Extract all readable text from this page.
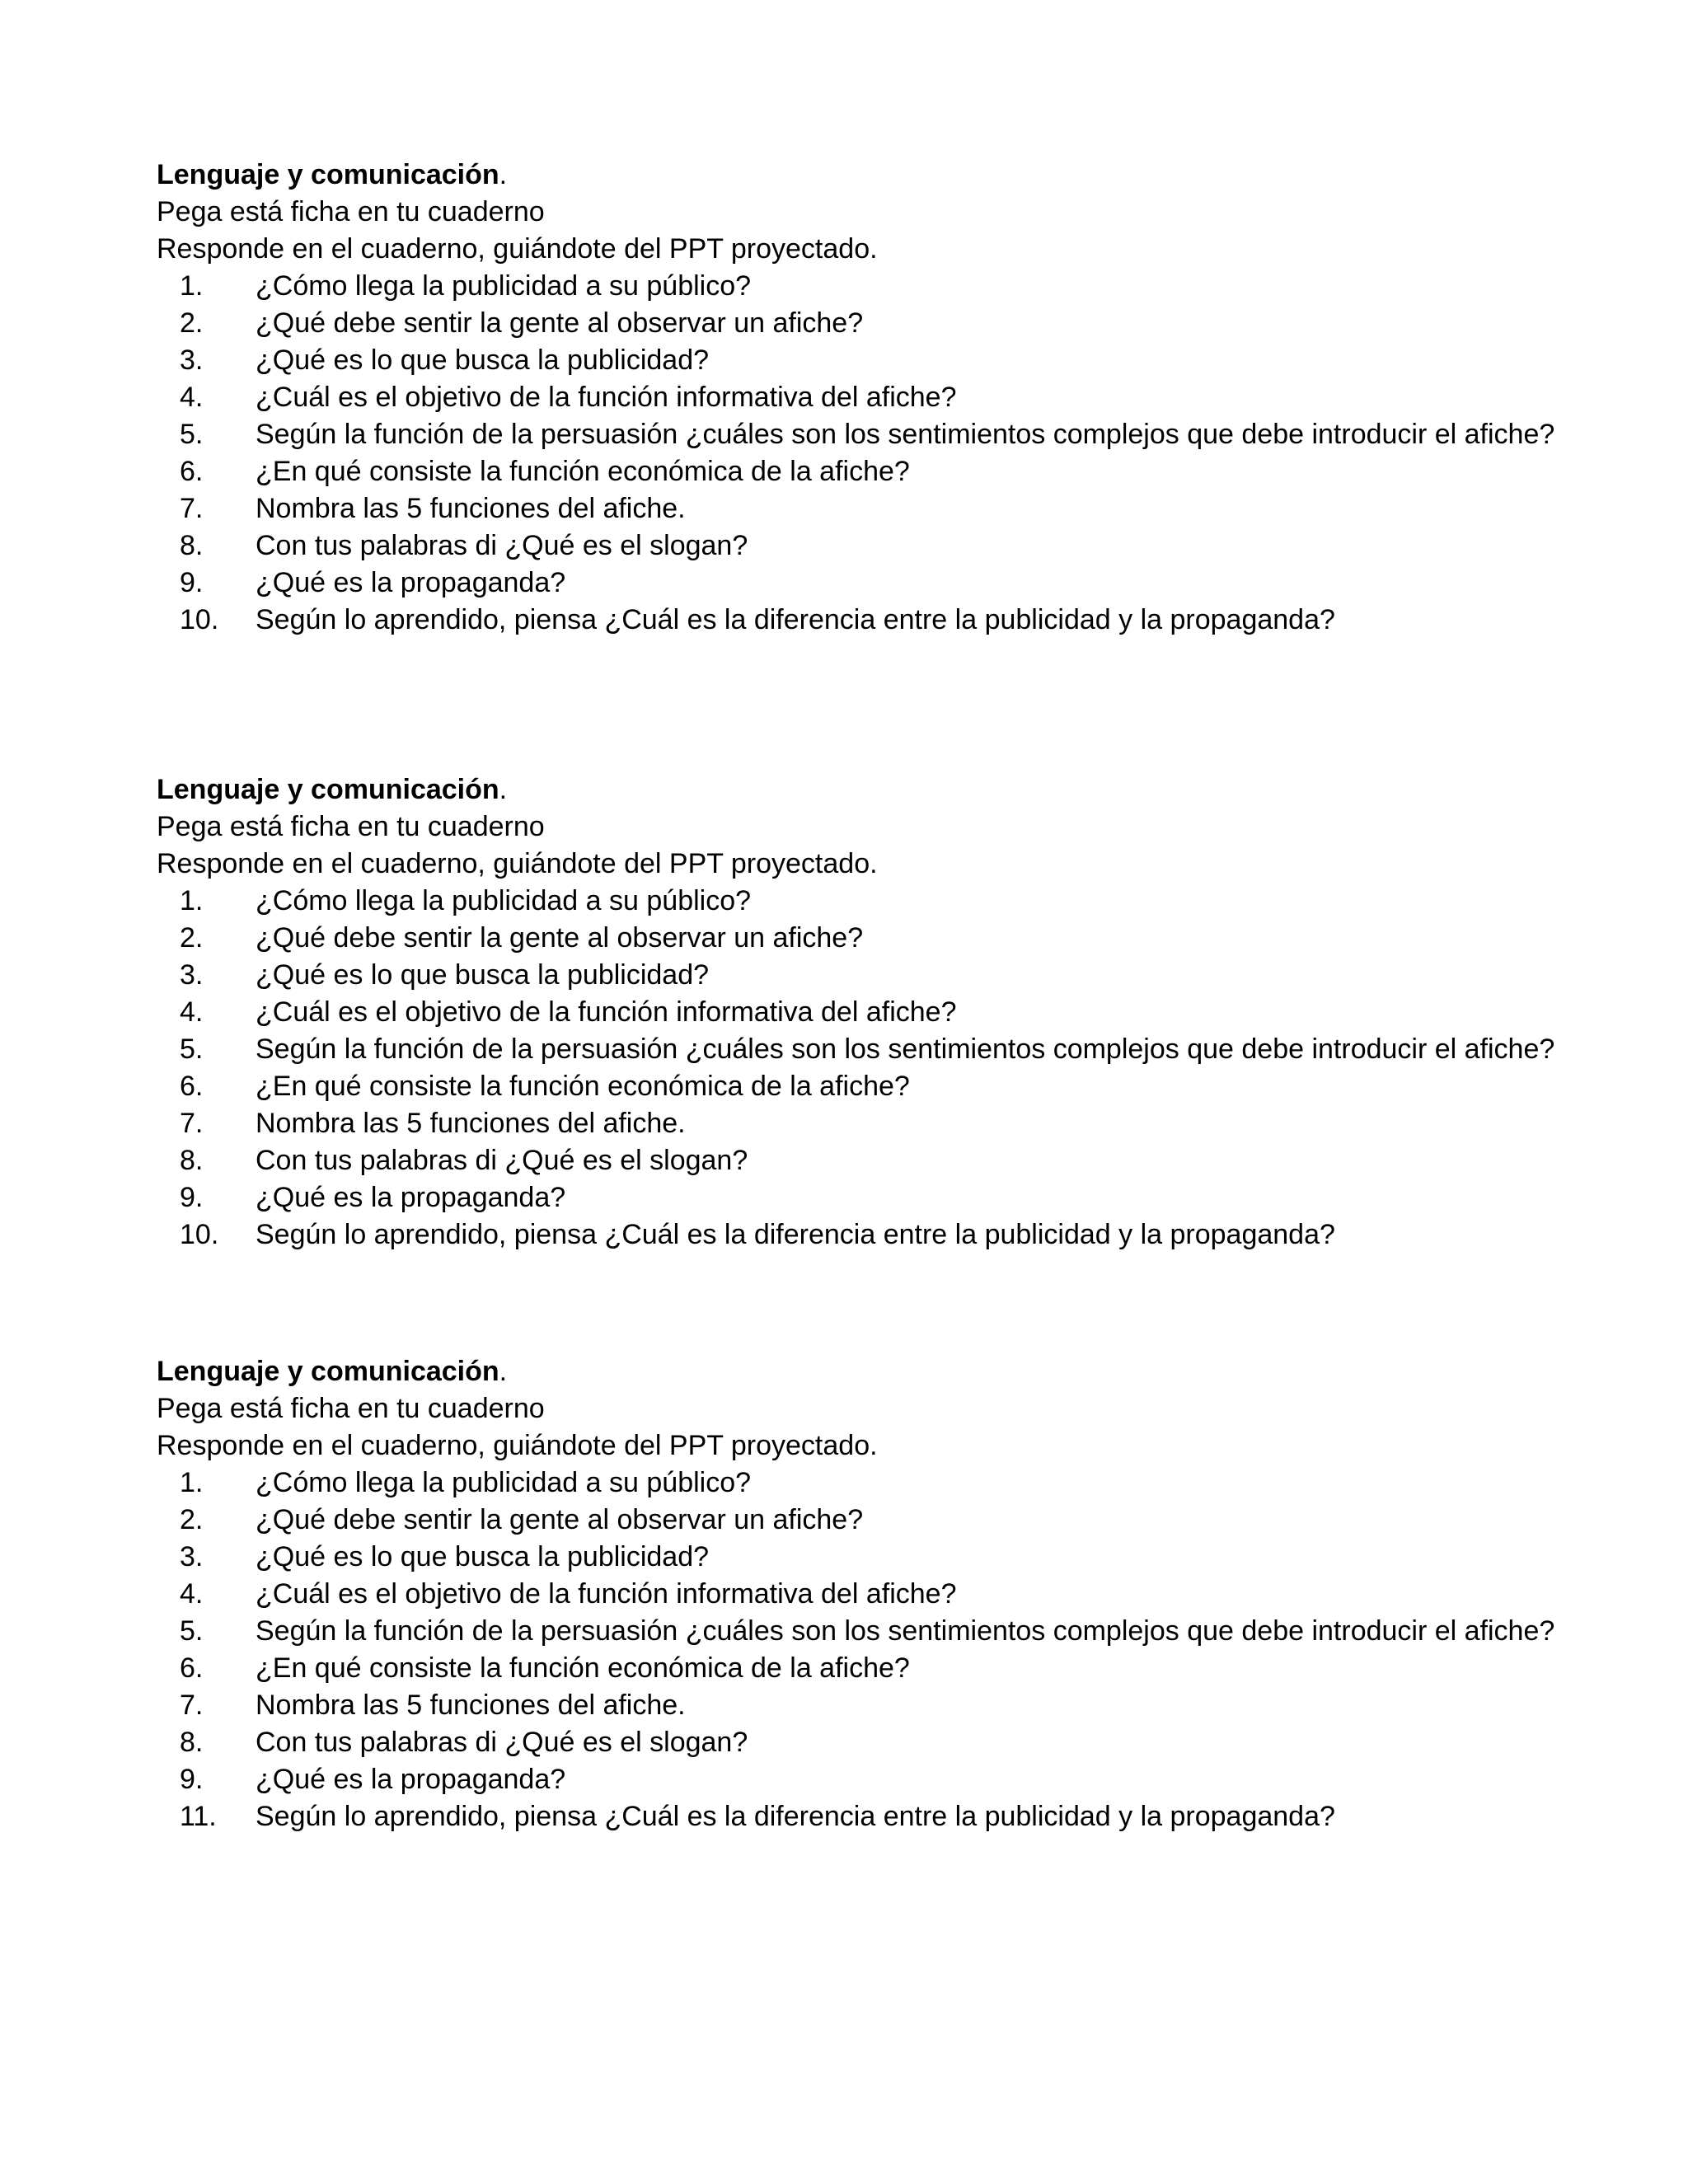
Lenguaje y comunicación.
Pega está ficha en tu cuaderno
Responde en el cuaderno, guiándote del PPT proyectado.
1.	¿Cómo llega la publicidad a su público?
2.	¿Qué debe sentir la gente al observar un afiche?
3.	¿Qué es lo que busca la publicidad?
4.	¿Cuál es el objetivo de la función informativa del afiche?
5.	Según la función de la persuasión ¿cuáles son los sentimientos complejos que debe introducir el afiche?
6.	¿En qué consiste la función económica de la afiche?
7.	Nombra las 5 funciones del afiche.
8.	Con tus palabras di ¿Qué es el slogan?
9.	¿Qué es la propaganda?
10.	Según lo aprendido, piensa ¿Cuál es la diferencia entre la publicidad y la propaganda?
Lenguaje y comunicación.
Pega está ficha en tu cuaderno
Responde en el cuaderno, guiándote del PPT proyectado.
1.	¿Cómo llega la publicidad a su público?
2.	¿Qué debe sentir la gente al observar un afiche?
3.	¿Qué es lo que busca la publicidad?
4.	¿Cuál es el objetivo de la función informativa del afiche?
5.	Según la función de la persuasión ¿cuáles son los sentimientos complejos que debe introducir el afiche?
6.	¿En qué consiste la función económica de la afiche?
7.	Nombra las 5 funciones del afiche.
8.	Con tus palabras di ¿Qué es el slogan?
9.	¿Qué es la propaganda?
10.	Según lo aprendido, piensa ¿Cuál es la diferencia entre la publicidad y la propaganda?
Lenguaje y comunicación.
Pega está ficha en tu cuaderno
Responde en el cuaderno, guiándote del PPT proyectado.
1.	¿Cómo llega la publicidad a su público?
2.	¿Qué debe sentir la gente al observar un afiche?
3.	¿Qué es lo que busca la publicidad?
4.	¿Cuál es el objetivo de la función informativa del afiche?
5.	Según la función de la persuasión ¿cuáles son los sentimientos complejos que debe introducir el afiche?
6.	¿En qué consiste la función económica de la afiche?
7.	Nombra las 5 funciones del afiche.
8.	Con tus palabras di ¿Qué es el slogan?
9.	¿Qué es la propaganda?
11.	Según lo aprendido, piensa ¿Cuál es la diferencia entre la publicidad y la propaganda?
